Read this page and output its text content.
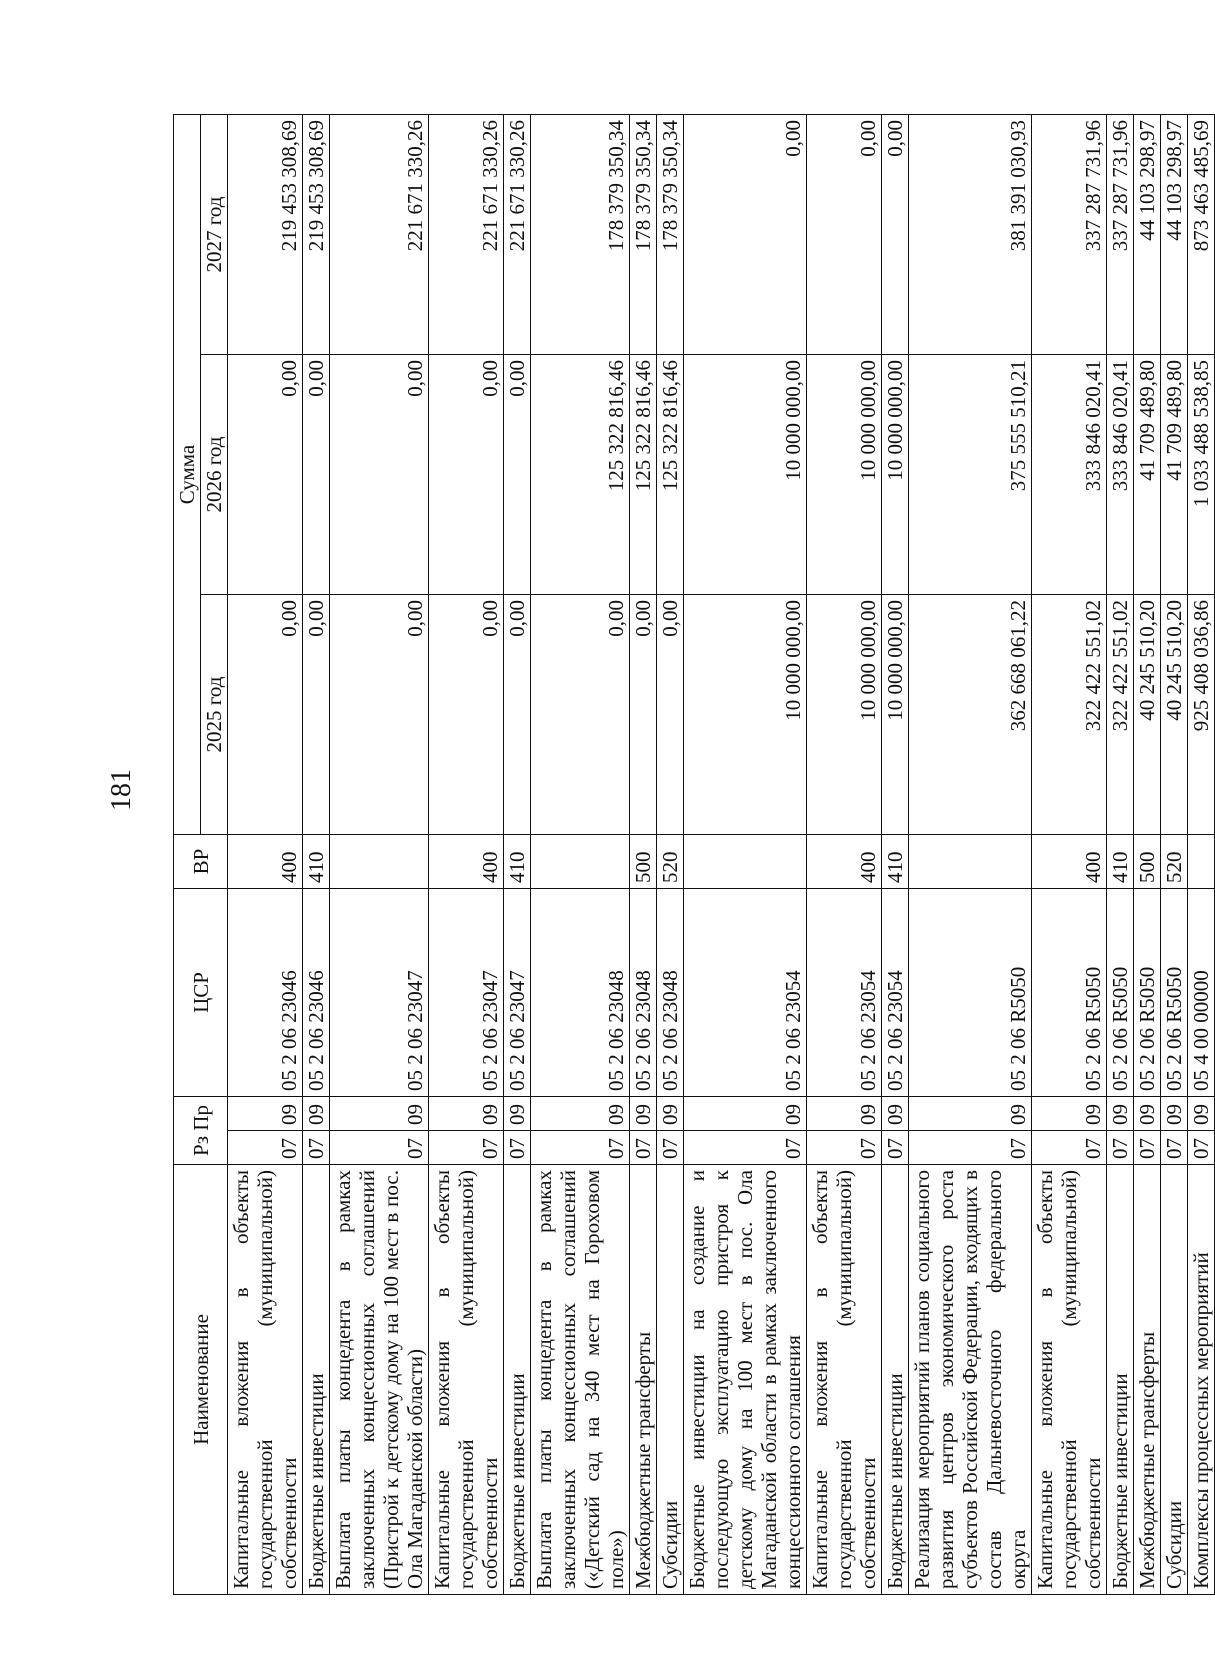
181
Наименование	Рз Пр		ЦСР	ВР	Сумма		
					2025 год	2026 год	2027 год
Капитальные вложения в объекты государственной (муниципальной) собственности	07	09	05 2 06 23046	400	0,00	0,00	219 453 308,69
Бюджетные инвестиции	07	09	05 2 06 23046	410	0,00	0,00	219 453 308,69
Выплата платы концедента в рамках заключенных концессионных соглашений (Пристрой к детскому дому на 100 мест в пос. Ола Магаданской области)	07	09	05 2 06 23047		0,00	0,00	221 671 330,26
Капитальные вложения в объекты государственной (муниципальной) собственности	07	09	05 2 06 23047	400	0,00	0,00	221 671 330,26
Бюджетные инвестиции	07	09	05 2 06 23047	410	0,00	0,00	221 671 330,26
Выплата платы концедента в рамках заключенных концессионных соглашений («Детский сад на 340 мест на Гороховом поле»)	07	09	05 2 06 23048		0,00	125 322 816,46	178 379 350,34
Межбюджетные трансферты	07	09	05 2 06 23048	500	0,00	125 322 816,46	178 379 350,34
Субсидии	07	09	05 2 06 23048	520	0,00	125 322 816,46	178 379 350,34
Бюджетные инвестиции на создание и последующую эксплуатацию пристроя к детскому дому на 100 мест в пос. Ола Магаданской области в рамках заключенного концессионного соглашения	07	09	05 2 06 23054		10 000 000,00	10 000 000,00	0,00
Капитальные вложения в объекты государственной (муниципальной) собственности	07	09	05 2 06 23054	400	10 000 000,00	10 000 000,00	0,00
Бюджетные инвестиции	07	09	05 2 06 23054	410	10 000 000,00	10 000 000,00	0,00
Реализация мероприятий планов социального развития центров экономического роста субъектов Российской Федерации, входящих в состав Дальневосточного федерального округа	07	09	05 2 06 R5050		362 668 061,22	375 555 510,21	381 391 030,93
Капитальные вложения в объекты государственной (муниципальной) собственности	07	09	05 2 06 R5050	400	322 422 551,02	333 846 020,41	337 287 731,96
Бюджетные инвестиции	07	09	05 2 06 R5050	410	322 422 551,02	333 846 020,41	337 287 731,96
Межбюджетные трансферты	07	09	05 2 06 R5050	500	40 245 510,20	41 709 489,80	44 103 298,97
Субсидии	07	09	05 2 06 R5050	520	40 245 510,20	41 709 489,80	44 103 298,97
Комплексы процессных мероприятий	07	09	05 4 00 00000		925 408 036,86	1 033 488 538,85	873 463 485,69
